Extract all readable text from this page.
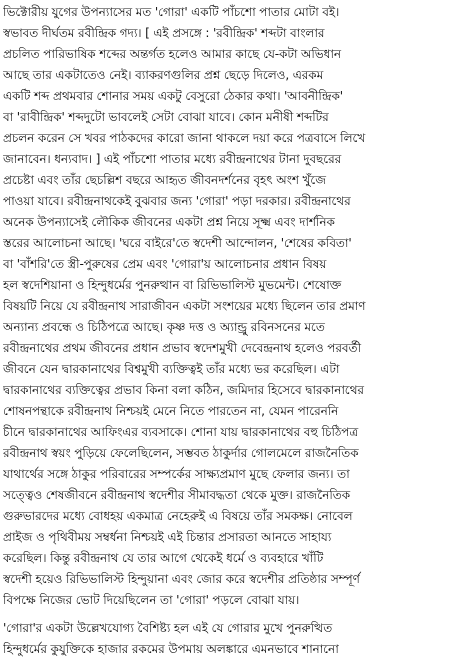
ভিক্টোরীয় যুগের উপন্যাসের মত 'গোরা' একটি পাঁচশো পাতার মোটা বই।
স্বভাবত দীর্ঘতম রবীন্দ্রিক গদ্য। [ এই প্রসঙ্গে : 'রবীন্দ্রিক' শব্দটা বাংলার
প্রচলিত পারিভাষিক শব্দের অন্তর্গত হলেও আমার কাছে যে-কটা অভিধান
আছে তার একটাতেও নেই। ব্যাকরণগুলির প্রশ্ন ছেড়ে দিলেও, এরকম
একটি শব্দ প্রথমবার শোনার সময় একটু বেসুরো ঠেকার কথা। 'আবনীন্দ্রিক'
বা 'রাবীন্দ্রিক' শব্দদুটো ভাবলেই সেটা বোঝা যাবে। কোন মনীষী শব্দটির
প্রচলন করেন সে খবর পাঠকদের কারো জানা থাকলে দয়া করে পত্রবাসে লিখে
জানাবেন। ধন্যবাদ। ] এই পাঁচশো পাতার মধ্যে রবীন্দ্রনাথের টানা দুবছরের
প্রচেষ্টা এবং তাঁর ছেচল্লিশ বছরে আহৃত জীবনদর্শনের বৃহৎ অংশ খুঁজে
পাওয়া যাবে। রবীন্দ্রনাথকেই বুঝবার জন্য 'গোরা' পড়া দরকার। রবীন্দ্রনাথের
অনেক উপন্যাসেই লৌকিক জীবনের একটা প্রশ্ন নিয়ে সূক্ষ্ম এবং দার্শনিক
স্তরের আলোচনা আছে। 'ঘরে বাইরে'তে স্বদেশী আন্দোলন, 'শেষের কবিতা'
বা 'বাঁশরি'তে স্ত্রী-পুরুষের প্রেম এবং 'গোরা'য় আলোচনার প্রধান বিষয়
হল স্বদেশিয়ানা ও হিন্দুধর্মের পুনরুত্থান বা রিভিভালিস্ট মুভমেন্ট। শেষোক্ত
বিষয়টি নিয়ে যে রবীন্দ্রনাথ সারাজীবন একটা সংশয়ের মধ্যে ছিলেন তার প্রমাণ
অন্যান্য প্রবন্ধে ও চিঠিপত্রে আছে। কৃষ্ণ দত্ত ও অ্যান্ড্রু রবিনসনের মতে
রবীন্দ্রনাথের প্রথম জীবনের প্রধান প্রভাব স্বদেশমুখী দেবেন্দ্রনাথ হলেও পরবর্তী
জীবনে যেন দ্বারকানাথের বিশ্বমুখী ব্যক্তিত্বই তাঁর মধ্যে ভর করেছিল। এটা
দ্বারকানাথের ব্যক্তিত্বের প্রভাব কিনা বলা কঠিন, জমিদার হিসেবে দ্বারকানাথের
শোষনপন্থাকে রবীন্দ্রনাথ নিশ্চয়ই মেনে নিতে পারতেন না, যেমন পারেননি
চীনে দ্বারকানাথের আফিংএর ব্যবসাকে। শোনা যায় দ্বারকানাথের বহু চিঠিপত্র
রবীন্দ্রনাথ স্বয়ং পুড়িয়ে ফেলেছিলেন, সম্ভবত ঠাকুর্দার গোলমেলে রাজনৈতিক
যাথার্থের সঙ্গে ঠাকুর পরিবারের সম্পর্কের সাক্ষ্যপ্রমাণ মুছে ফেলার জন্য। তা
সত্ত্বেও শেষজীবনে রবীন্দ্রনাথ স্বদেশীর সীমাবদ্ধতা থেকে মুক্ত। রাজনৈতিক
গুরুভারদের মধ্যে বোধহয় একমাত্র নেহেরুই এ বিষয়ে তাঁর সমকক্ষ। নোবেল
প্রাইজ ও পৃথিবীময় সম্বর্ধনা নিশ্চয়ই এই চিন্তার প্রসারতা আনতে সাহায্য
করেছিল। কিন্তু রবীন্দ্রনাথ যে তার আগে থেকেই ধর্মে ও ব্যবহারে খাঁটি
স্বদেশী হয়েও রিভিভালিস্ট হিন্দুয়ানা এবং জোর করে স্বদেশীর প্রতিষ্ঠার সম্পূর্ণ
বিপক্ষে নিজের ভোট দিয়েছিলেন তা 'গোরা' পড়লে বোঝা যায়।
'গোরা'র একটা উল্লেখযোগ্য বৈশিষ্ট্য হল এই যে গোরার মুখে পুনরুত্থিত
হিন্দুধর্মের কুযুক্তিকে হাজার রকমের উপমায় অলঙ্কারে এমনভাবে শানানো
